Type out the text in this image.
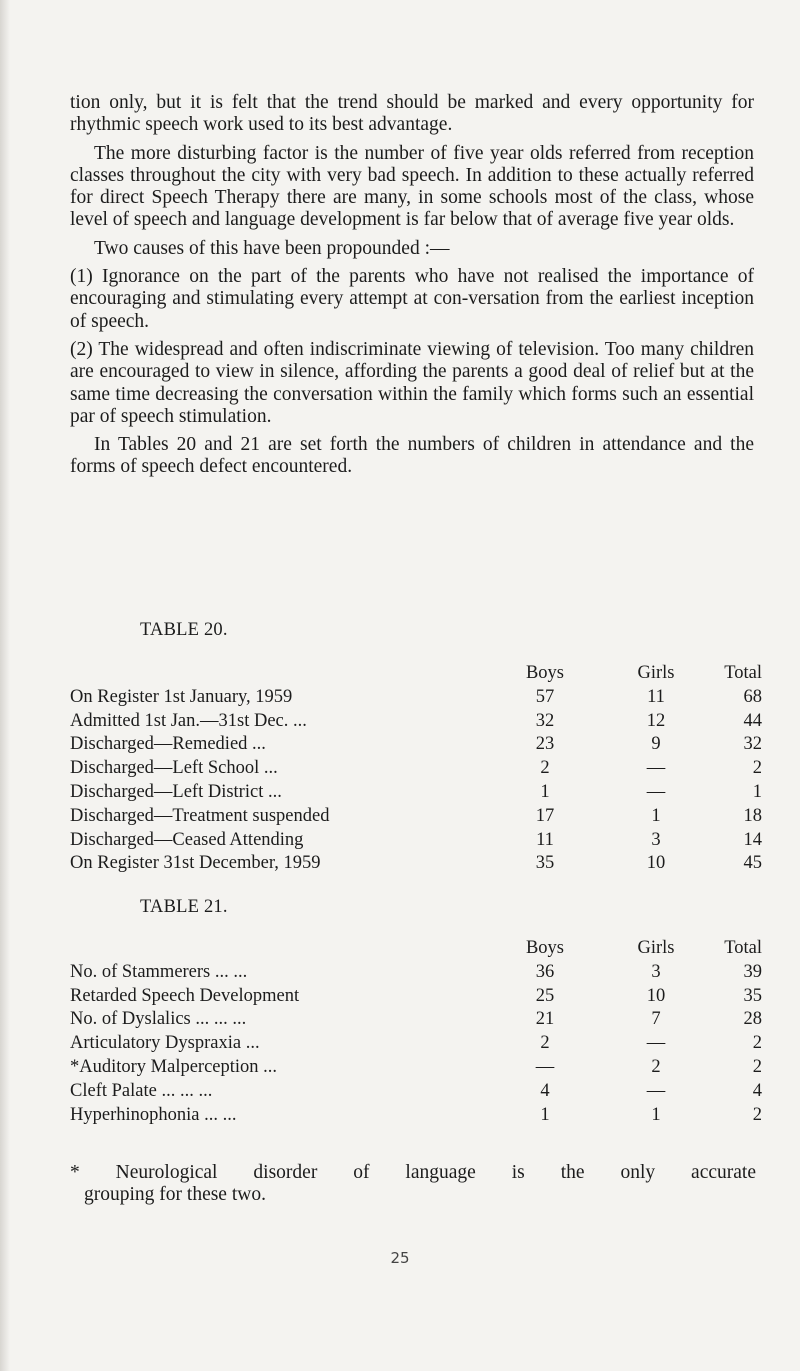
tion only, but it is felt that the trend should be marked and every opportunity for rhythmic speech work used to its best advantage.

The more disturbing factor is the number of five year olds referred from reception classes throughout the city with very bad speech. In addition to these actually referred for direct Speech Therapy there are many, in some schools most of the class, whose level of speech and language development is far below that of average five year olds.

Two causes of this have been propounded :—

(1) Ignorance on the part of the parents who have not realised the importance of encouraging and stimulating every attempt at con-versation from the earliest inception of speech.

(2) The widespread and often indiscriminate viewing of television. Too many children are encouraged to view in silence, affording the parents a good deal of relief but at the same time decreasing the conversation within the family which forms such an essential par of speech stimulation.

In Tables 20 and 21 are set forth the numbers of children in attendance and the forms of speech defect encountered.

TABLE 20.
Boys	Girls	Total
On Register 1st January, 1959	57	11	68
Admitted 1st Jan.—31st Dec. ...	32	12	44
Discharged—Remedied ...	23	9	32
Discharged—Left School ...	2	—	2
Discharged—Left District ...	1	—	1
Discharged—Treatment suspended	17	1	18
Discharged—Ceased Attending	11	3	14
On Register 31st December, 1959	35	10	45
TABLE 21.
Boys	Girls	Total
No. of Stammerers ... ...	36	3	39
Retarded Speech Development	25	10	35
No. of Dyslalics ... ... ...	21	7	28
Articulatory Dyspraxia ...	2	—	2
*Auditory Malperception ...	—	2	2
Cleft Palate ... ... ...	4	—	4
Hyperhinophonia ... ...	1	1	2
* Neurological disorder of language is the only accurate
grouping for these two.
25
